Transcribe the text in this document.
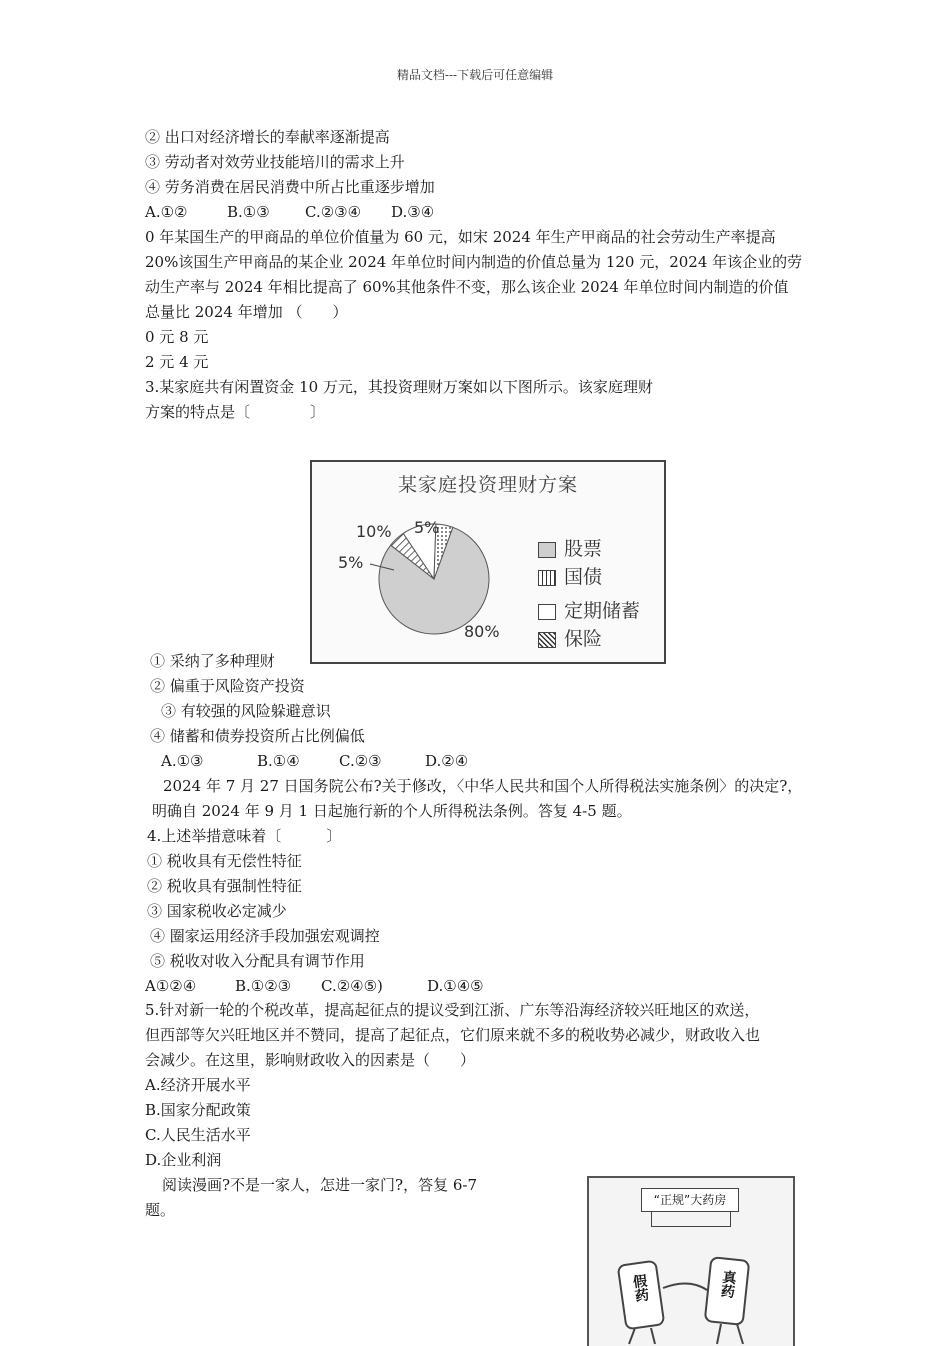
精品文档---下载后可任意编辑
② 出口对经济增长的奉献率逐渐提高
③ 劳动者对效劳业技能培川的需求上升
④ 劳务消费在居民消费中所占比重逐步增加
A.①②	B.①③ C.②③④ D.③④
0 年某国生产的甲商品的单位价值量为 60 元，如宋 2024 年生产甲商品的社会劳动生产率提高
20%该国生产甲商品的某企业 2024 年单位时间内制造的价值总量为 120 元，2024 年该企业的劳
动生产率与 2024 年相比提高了 60%其他条件不变，那么该企业 2024 年单位时间内制造的价值
总量比 2024 年增加 （　　）
0 元 8 元
2 元 4 元
3.某家庭共有闲置资金 10 万元，其投资理财万案如以下图所示。该家庭理财
方案的特点是〔　　　　〕
某家庭投资理财方案
10% 5%
5%
80%
股票
国债
定期储蓄
保险
① 采纳了多种理财
② 偏重于风险资产投资
③ 有较强的风险躲避意识
④ 储蓄和债券投资所占比例偏低
A.①③	B.①④	C.②③	D.②④
2024 年 7 月 27 日国务院公布?关于修改，〈中华人民共和国个人所得税法实施条例〉的决定?，
明确自 2024 年 9 月 1 日起施行新的个人所得税法条例。答复 4-5 题。
4.上述举措意味着〔　　　〕
① 税收具有无偿性特征
② 税收具有强制性特征
③ 国家税收必定减少
④ 圈家运用经济手段加强宏观调控
⑤ 税收对收入分配具有调节作用
A①②④	B.①②③ C.②④⑤)	D.①④⑤
5.针对新一轮的个税改革，提高起征点的提议受到江浙、广东等沿海经济较兴旺地区的欢送，
但西部等欠兴旺地区并不赞同，提高了起征点，它们原来就不多的税收势必减少，财政收入也
会减少。在这里，影响财政收入的因素是（　　）
A.经济开展水平
B.国家分配政策
C.人民生活水平
D.企业利润
阅读漫画?不是一家人，怎进一家门?，答复 6-7
题。
“正规”大药房
假药	真药
